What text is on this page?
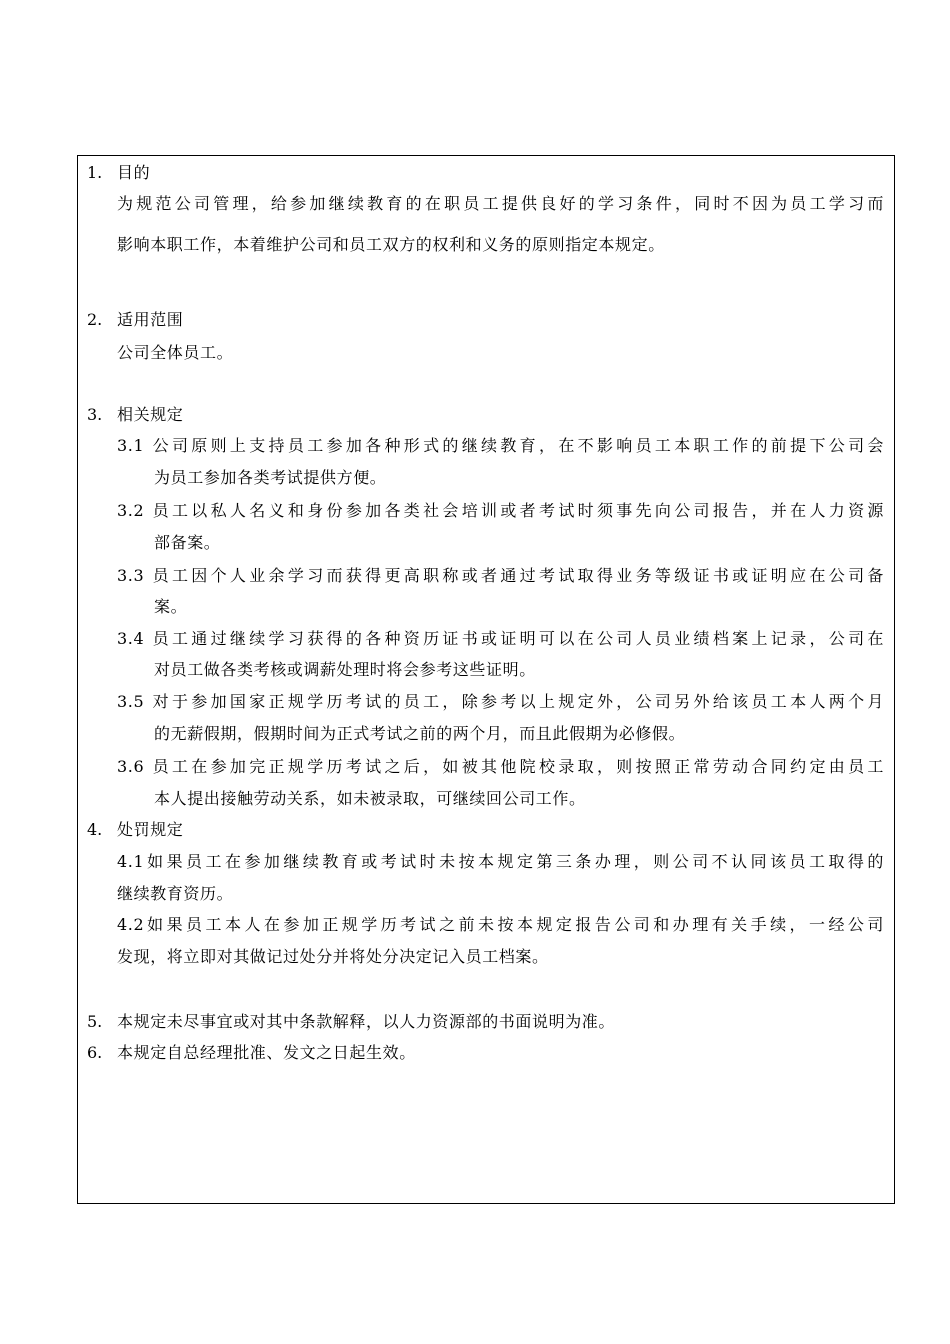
1. 目的
为规范公司管理，给参加继续教育的在职员工提供良好的学习条件，同时不因为员工学习而
影响本职工作，本着维护公司和员工双方的权利和义务的原则指定本规定。
2. 适用范围
公司全体员工。
3. 相关规定
3.1 公司原则上支持员工参加各种形式的继续教育，在不影响员工本职工作的前提下公司会
为员工参加各类考试提供方便。
3.2 员工以私人名义和身份参加各类社会培训或者考试时须事先向公司报告，并在人力资源
部备案。
3.3 员工因个人业余学习而获得更高职称或者通过考试取得业务等级证书或证明应在公司备
案。
3.4 员工通过继续学习获得的各种资历证书或证明可以在公司人员业绩档案上记录，公司在
对员工做各类考核或调薪处理时将会参考这些证明。
3.5 对于参加国家正规学历考试的员工，除参考以上规定外，公司另外给该员工本人两个月
的无薪假期，假期时间为正式考试之前的两个月，而且此假期为必修假。
3.6 员工在参加完正规学历考试之后，如被其他院校录取，则按照正常劳动合同约定由员工
本人提出接触劳动关系，如未被录取，可继续回公司工作。
4. 处罚规定
4.1如果员工在参加继续教育或考试时未按本规定第三条办理，则公司不认同该员工取得的
继续教育资历。
4.2如果员工本人在参加正规学历考试之前未按本规定报告公司和办理有关手续，一经公司
发现，将立即对其做记过处分并将处分决定记入员工档案。
5. 本规定未尽事宜或对其中条款解释，以人力资源部的书面说明为准。
6. 本规定自总经理批准、发文之日起生效。
